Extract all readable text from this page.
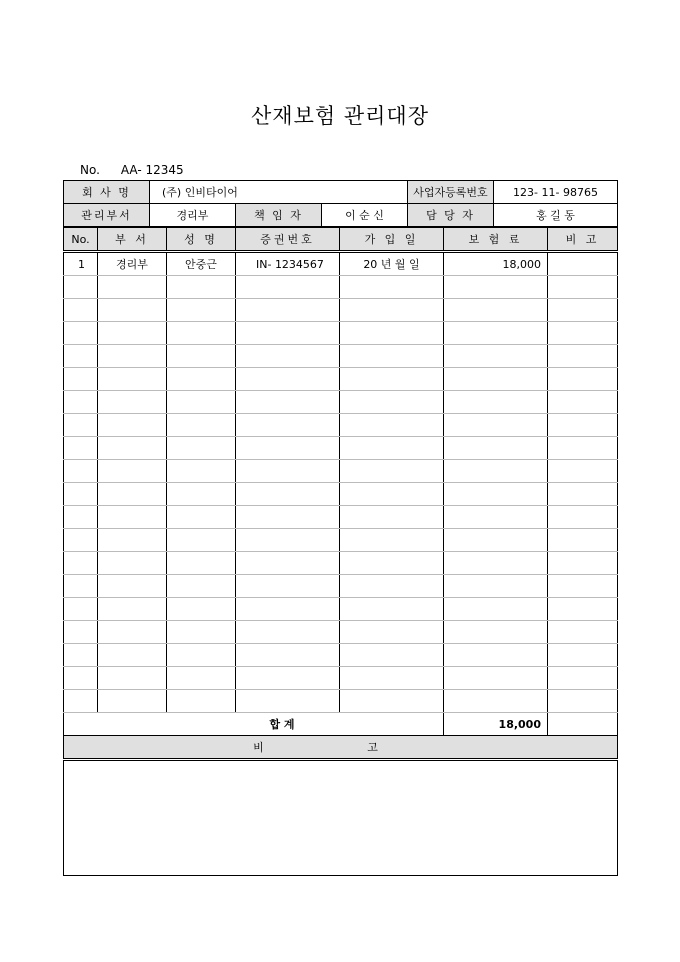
산재보험 관리대장
No. AA- 12345
회 사 명	(주) 인비타이어	사업자등록번호	123- 11- 98765
관리부서	경리부	책 임 자	이 순 신	담 당 자	홍 길 동
No.	부 서	성 명	증권번호	가 입 일	보 험 료	비 고
1	경리부	안중근	IN- 1234567	20 년 월 일	18,000	

합 계					18,000	
비 고						
